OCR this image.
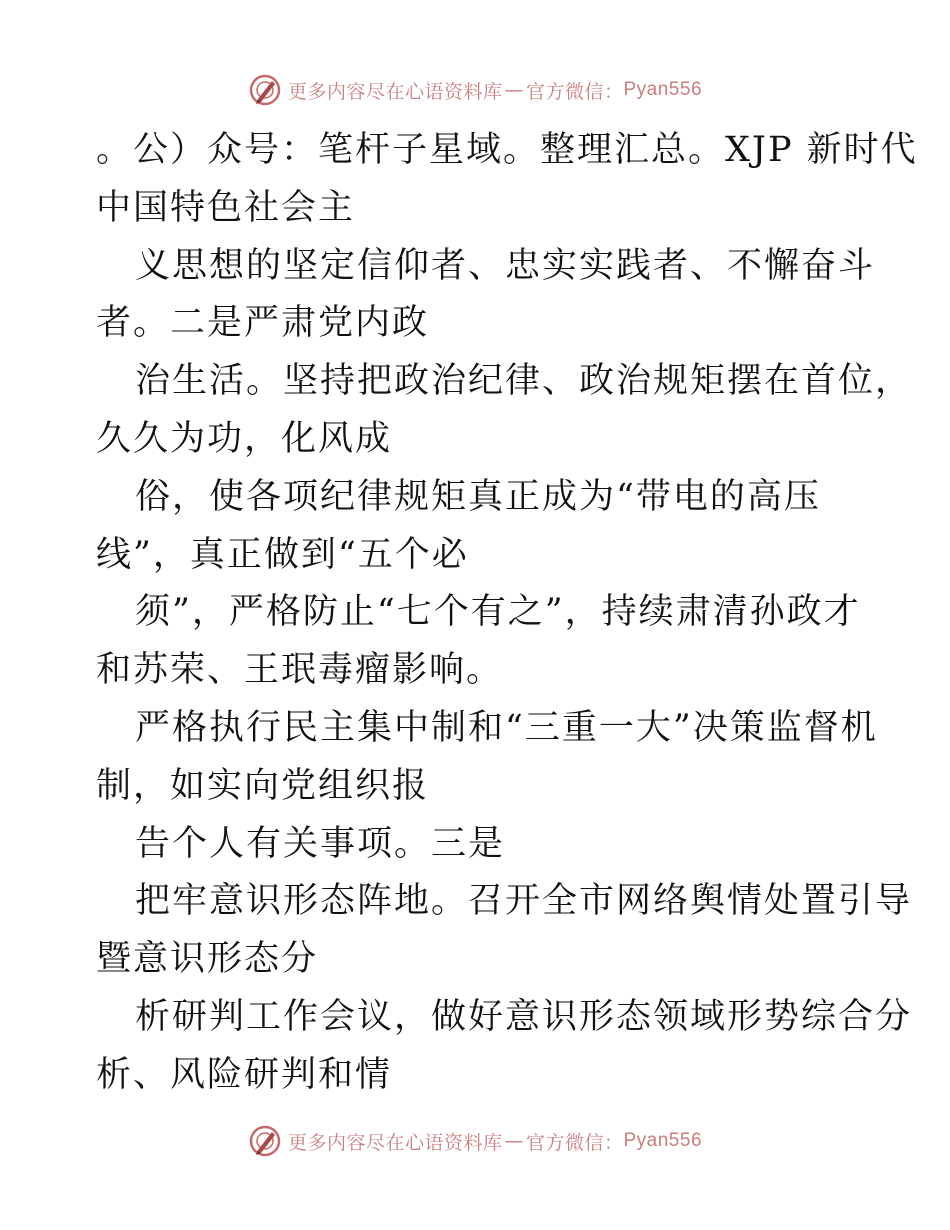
更多内容尽在心语资料库 — 官方微信： Pyan556
。公）众号：笔杆子星域。整理汇总。XJP 新时代
中国特色社会主
义思想的坚定信仰者、忠实实践者、不懈奋斗
者。二是严肃党内政
治生活。坚持把政治纪律、政治规矩摆在首位，
久久为功，化风成
俗，使各项纪律规矩真正成为“带电的高压
线”，真正做到“五个必
须”，严格防止“七个有之”，持续肃清孙政才
和苏荣、王珉毒瘤影响。
严格执行民主集中制和“三重一大”决策监督机
制，如实向党组织报
告个人有关事项。三是
把牢意识形态阵地。召开全市网络舆情处置引导
暨意识形态分
析研判工作会议，做好意识形态领域形势综合分
析、风险研判和情
更多内容尽在心语资料库 — 官方微信： Pyan556
